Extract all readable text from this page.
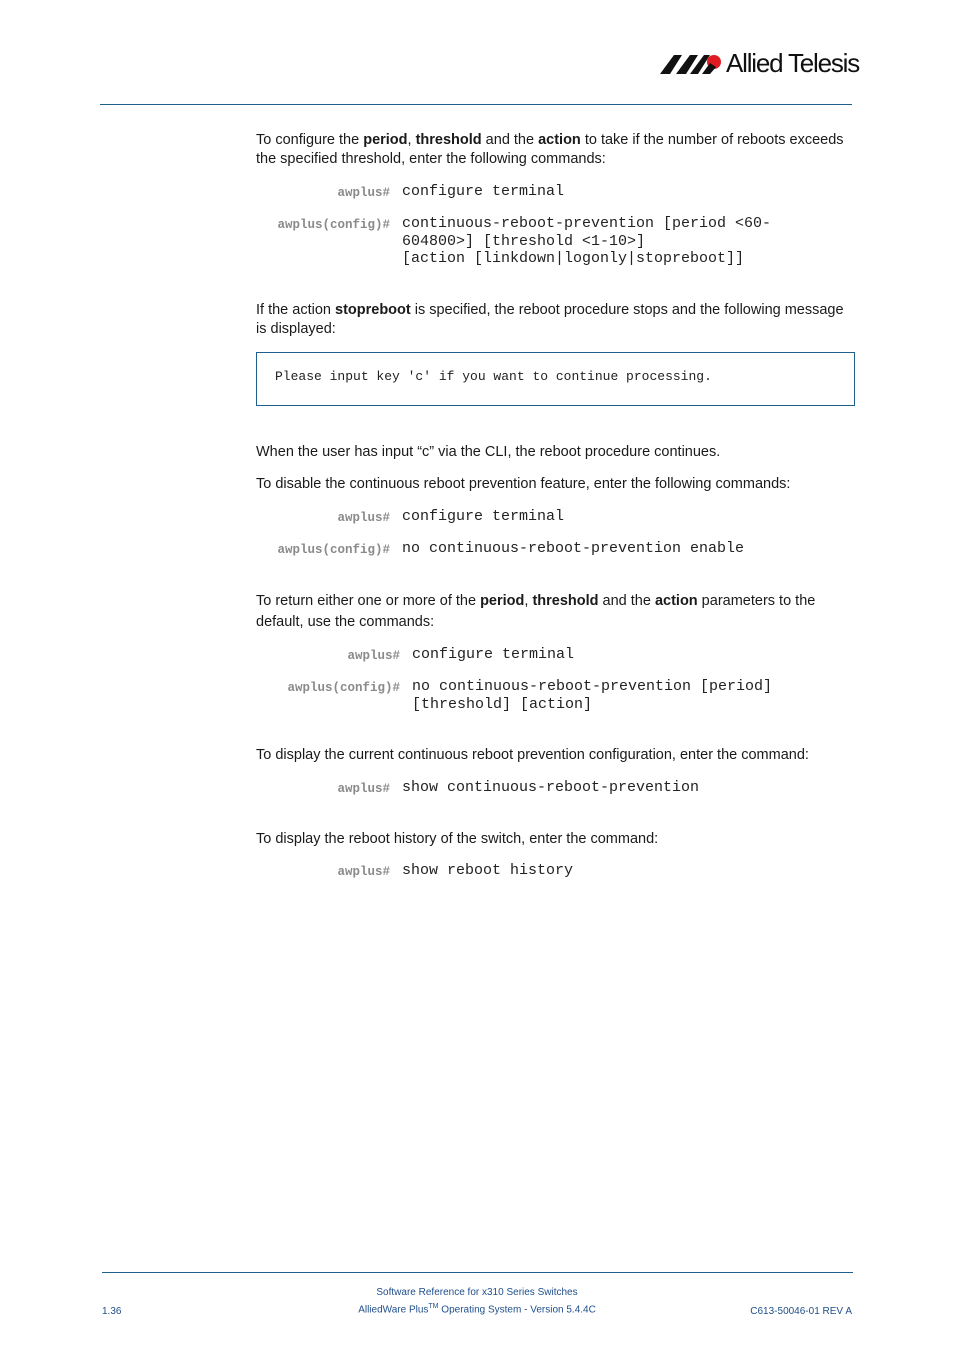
Allied Telesis
To configure the period, threshold and the action to take if the number of reboots exceeds the specified threshold, enter the following commands:
awplus# configure terminal
awplus(config)# continuous-reboot-prevention [period <60-
604800>] [threshold <1-10>]
[action [linkdown|logonly|stopreboot]]
If the action stopreboot is specified, the reboot procedure stops and the following message is displayed:
Please input key 'c' if you want to continue processing.
When the user has input “c” via the CLI, the reboot procedure continues.
To disable the continuous reboot prevention feature, enter the following commands:
awplus# configure terminal
awplus(config)# no continuous-reboot-prevention enable
To return either one or more of the period, threshold and the action parameters to the default, use the commands:
awplus# configure terminal
awplus(config)# no continuous-reboot-prevention [period]
[threshold] [action]
To display the current continuous reboot prevention configuration, enter the command:
awplus# show continuous-reboot-prevention
To display the reboot history of the switch, enter the command:
awplus# show reboot history
Software Reference for x310 Series Switches
1.36	AlliedWare Plus™ Operating System - Version 5.4.4C	C613-50046-01 REV A
